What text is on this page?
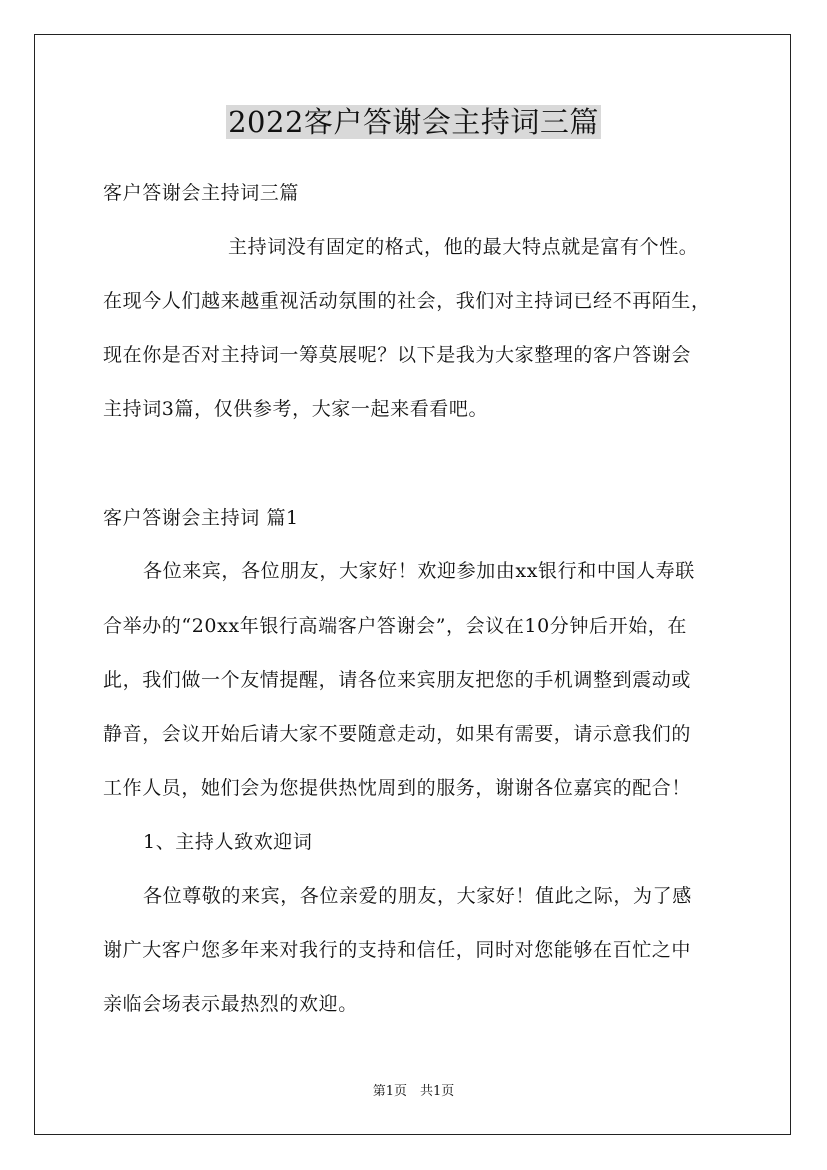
2022客户答谢会主持词三篇

客户答谢会主持词三篇

主持词没有固定的格式，他的最大特点就是富有个性。

在现今人们越来越重视活动氛围的社会，我们对主持词已经不再陌生，

现在你是否对主持词一筹莫展呢？以下是我为大家整理的客户答谢会

主持词3篇，仅供参考，大家一起来看看吧。

客户答谢会主持词 篇1

各位来宾，各位朋友，大家好！欢迎参加由xx银行和中国人寿联

合举办的“20xx年银行高端客户答谢会”，会议在10分钟后开始，在

此，我们做一个友情提醒，请各位来宾朋友把您的手机调整到震动或

静音，会议开始后请大家不要随意走动，如果有需要，请示意我们的

工作人员，她们会为您提供热忱周到的服务，谢谢各位嘉宾的配合！

1、主持人致欢迎词

各位尊敬的来宾，各位亲爱的朋友，大家好！值此之际，为了感

谢广大客户您多年来对我行的支持和信任，同时对您能够在百忙之中

亲临会场表示最热烈的欢迎。

第1页　共1页
